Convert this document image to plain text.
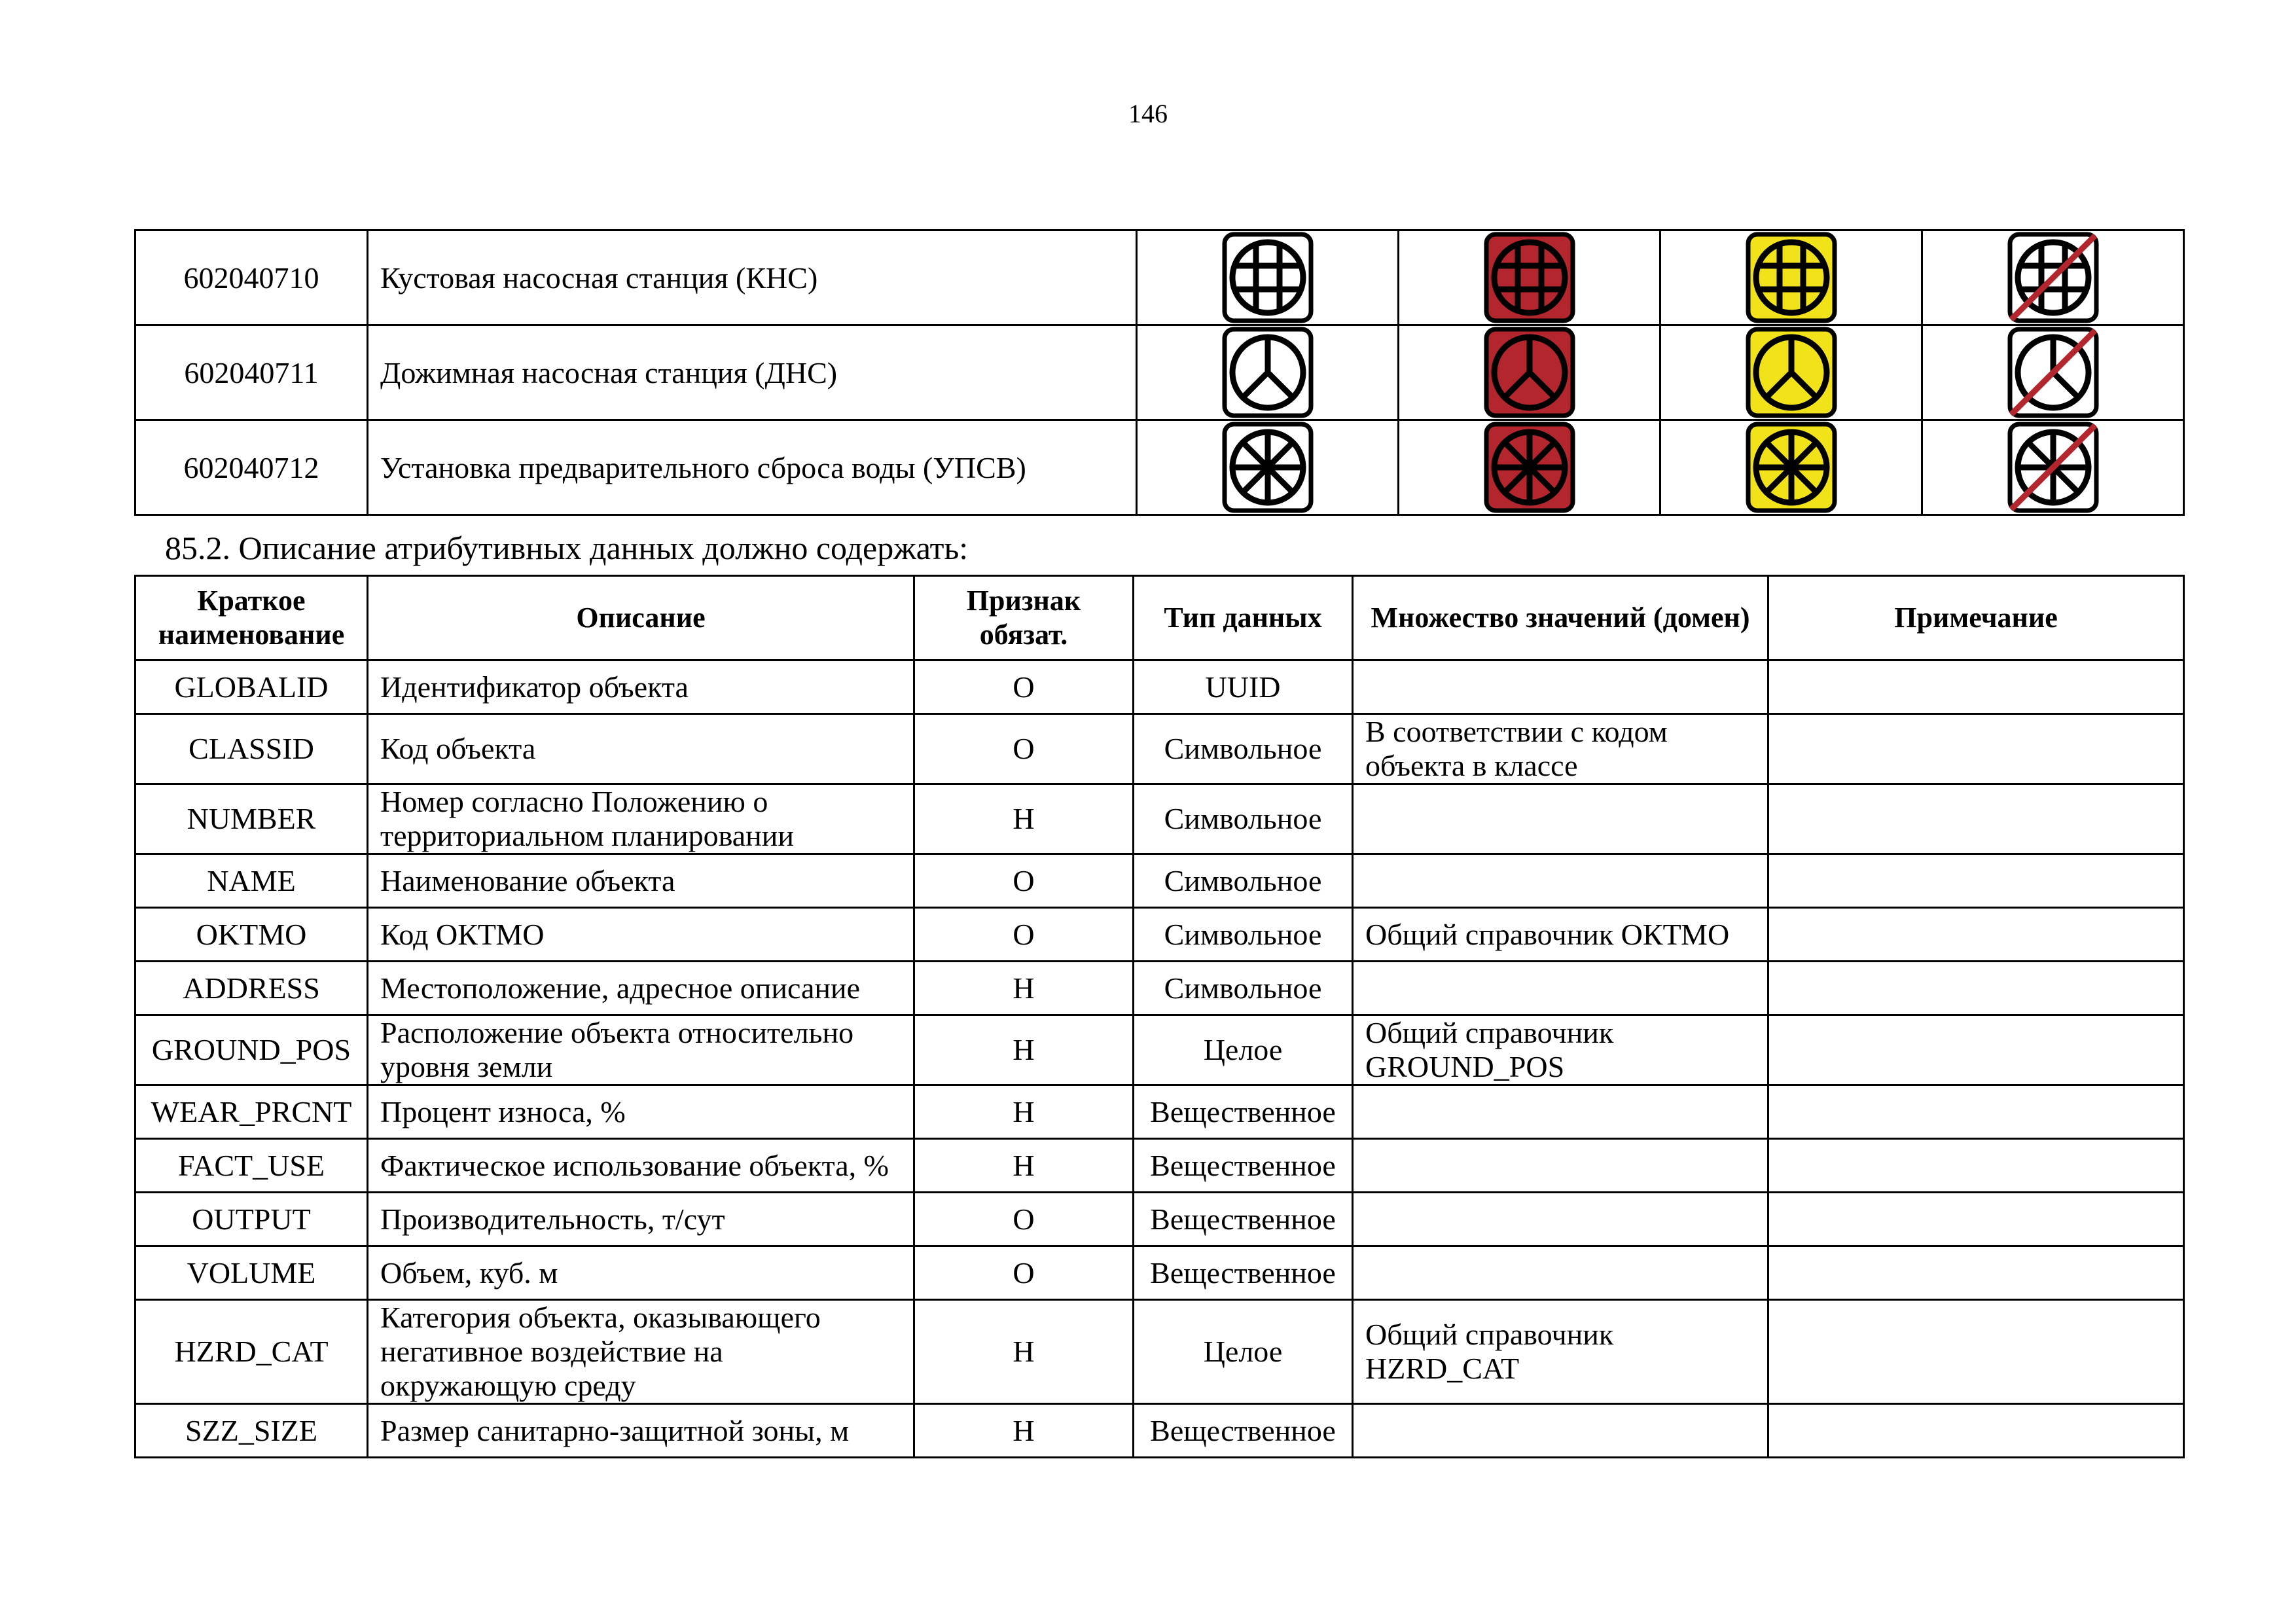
146
602040710	Кустовая насосная станция (КНС)				
602040711	Дожимная насосная станция (ДНС)				
602040712	Установка предварительного сброса воды (УПСВ)				
85.2. Описание атрибутивных данных должно содержать:
Краткое наименование	Описание	Признак обязат.	Тип данных	Множество значений (домен)	Примечание
GLOBALID	Идентификатор объекта	О	UUID		
CLASSID	Код объекта	О	Символьное	В соответствии с кодом объекта в классе	
NUMBER	Номер согласно Положению о территориальном планировании	Н	Символьное		
NAME	Наименование объекта	О	Символьное		
OKTMO	Код ОКТМО	О	Символьное	Общий справочник ОКТМО	
ADDRESS	Местоположение, адресное описание	Н	Символьное		
GROUND_POS	Расположение объекта относительно уровня земли	Н	Целое	Общий справочник GROUND_POS	
WEAR_PRCNT	Процент износа, %	Н	Вещественное		
FACT_USE	Фактическое использование объекта, %	Н	Вещественное		
OUTPUT	Производительность, т/сут	О	Вещественное		
VOLUME	Объем, куб. м	О	Вещественное		
HZRD_CAT	Категория объекта, оказывающего негативное воздействие на окружающую среду	Н	Целое	Общий справочник HZRD_CAT	
SZZ_SIZE	Размер санитарно-защитной зоны, м	Н	Вещественное		
